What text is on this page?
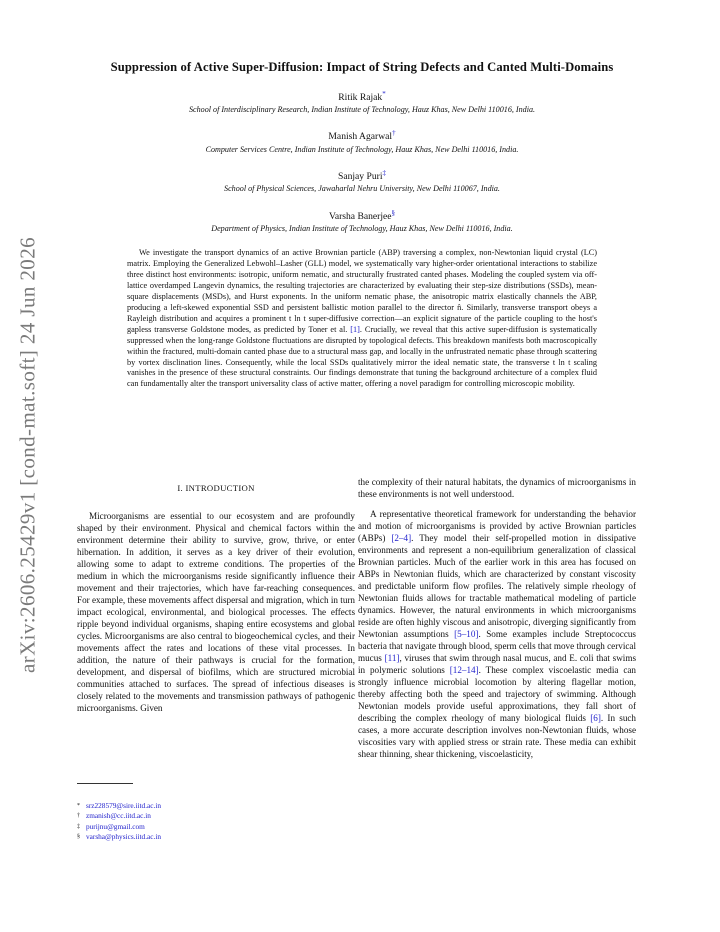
arXiv:2606.25429v1 [cond-mat.soft] 24 Jun 2026
Suppression of Active Super-Diffusion: Impact of String Defects and Canted Multi-Domains
Ritik Rajak*
School of Interdisciplinary Research, Indian Institute of Technology, Hauz Khas, New Delhi 110016, India.
Manish Agarwal†
Computer Services Centre, Indian Institute of Technology, Hauz Khas, New Delhi 110016, India.
Sanjay Puri‡
School of Physical Sciences, Jawaharlal Nehru University, New Delhi 110067, India.
Varsha Banerjee§
Department of Physics, Indian Institute of Technology, Hauz Khas, New Delhi 110016, India.

We investigate the transport dynamics of an active Brownian particle (ABP) traversing a complex, non-Newtonian liquid crystal (LC) matrix. Employing the Generalized Lebwohl–Lasher (GLL) model, we systematically vary higher-order orientational interactions to stabilize three distinct host environments: isotropic, uniform nematic, and structurally frustrated canted phases. Modeling the coupled system via off-lattice overdamped Langevin dynamics, the resulting trajectories are characterized by evaluating their step-size distributions (SSDs), mean-square displacements (MSDs), and Hurst exponents. In the uniform nematic phase, the anisotropic matrix elastically channels the ABP, producing a left-skewed exponential SSD and persistent ballistic motion parallel to the director n̂. Similarly, transverse transport obeys a Rayleigh distribution and acquires a prominent t ln t super-diffusive correction—an explicit signature of the particle coupling to the host's gapless transverse Goldstone modes, as predicted by Toner et al. [1]. Crucially, we reveal that this active super-diffusion is systematically suppressed when the long-range Goldstone fluctuations are disrupted by topological defects. This breakdown manifests both macroscopically within the fractured, multi-domain canted phase due to a structural mass gap, and locally in the unfrustrated nematic phase through scattering by vortex disclination lines. Consequently, while the local SSDs qualitatively mirror the ideal nematic state, the transverse t ln t scaling vanishes in the presence of these structural constraints. Our findings demonstrate that tuning the background architecture of a complex fluid can fundamentally alter the transport universality class of active matter, offering a novel paradigm for controlling microscopic mobility.

I. INTRODUCTION

Microorganisms are essential to our ecosystem and are profoundly shaped by their environment. Physical and chemical factors within the environment determine their ability to survive, grow, thrive, or enter hibernation. In addition, it serves as a key driver of their evolution, allowing some to adapt to extreme conditions. The properties of the medium in which the microorganisms reside significantly influence their movement and their trajectories, which have far-reaching consequences. For example, these movements affect dispersal and migration, which in turn impact ecological, environmental, and biological processes. The effects ripple beyond individual organisms, shaping entire ecosystems and global cycles. Microorganisms are also central to biogeochemical cycles, and their movements affect the rates and locations of these vital processes. In addition, the nature of their pathways is crucial for the formation, development, and dispersal of biofilms, which are structured microbial communities attached to surfaces. The spread of infectious diseases is closely related to the movements and transmission pathways of pathogenic microorganisms. Given

the complexity of their natural habitats, the dynamics of microorganisms in these environments is not well understood.

A representative theoretical framework for understanding the behavior and motion of microorganisms is provided by active Brownian particles (ABPs) [2–4]. They model their self-propelled motion in dissipative environments and represent a non-equilibrium generalization of classical Brownian particles. Much of the earlier work in this area has focused on ABPs in Newtonian fluids, which are characterized by constant viscosity and predictable uniform flow profiles. The relatively simple rheology of Newtonian fluids allows for tractable mathematical modeling of particle dynamics. However, the natural environments in which microorganisms reside are often highly viscous and anisotropic, diverging significantly from Newtonian assumptions [5–10]. Some examples include Streptococcus bacteria that navigate through blood, sperm cells that move through cervical mucus [11], viruses that swim through nasal mucus, and E. coli that swims in polymeric solutions [12–14]. These complex viscoelastic media can strongly influence microbial locomotion by altering flagellar motion, thereby affecting both the speed and trajectory of swimming. Although Newtonian models provide useful approximations, they fall short of describing the complex rheology of many biological fluids [6]. In such cases, a more accurate description involves non-Newtonian fluids, whose viscosities vary with applied stress or strain rate. These media can exhibit shear thinning, shear thickening, viscoelasticity,

* srz228579@sire.iitd.ac.in
† zmanish@cc.iitd.ac.in
‡ purijnu@gmail.com
§ varsha@physics.iitd.ac.in
